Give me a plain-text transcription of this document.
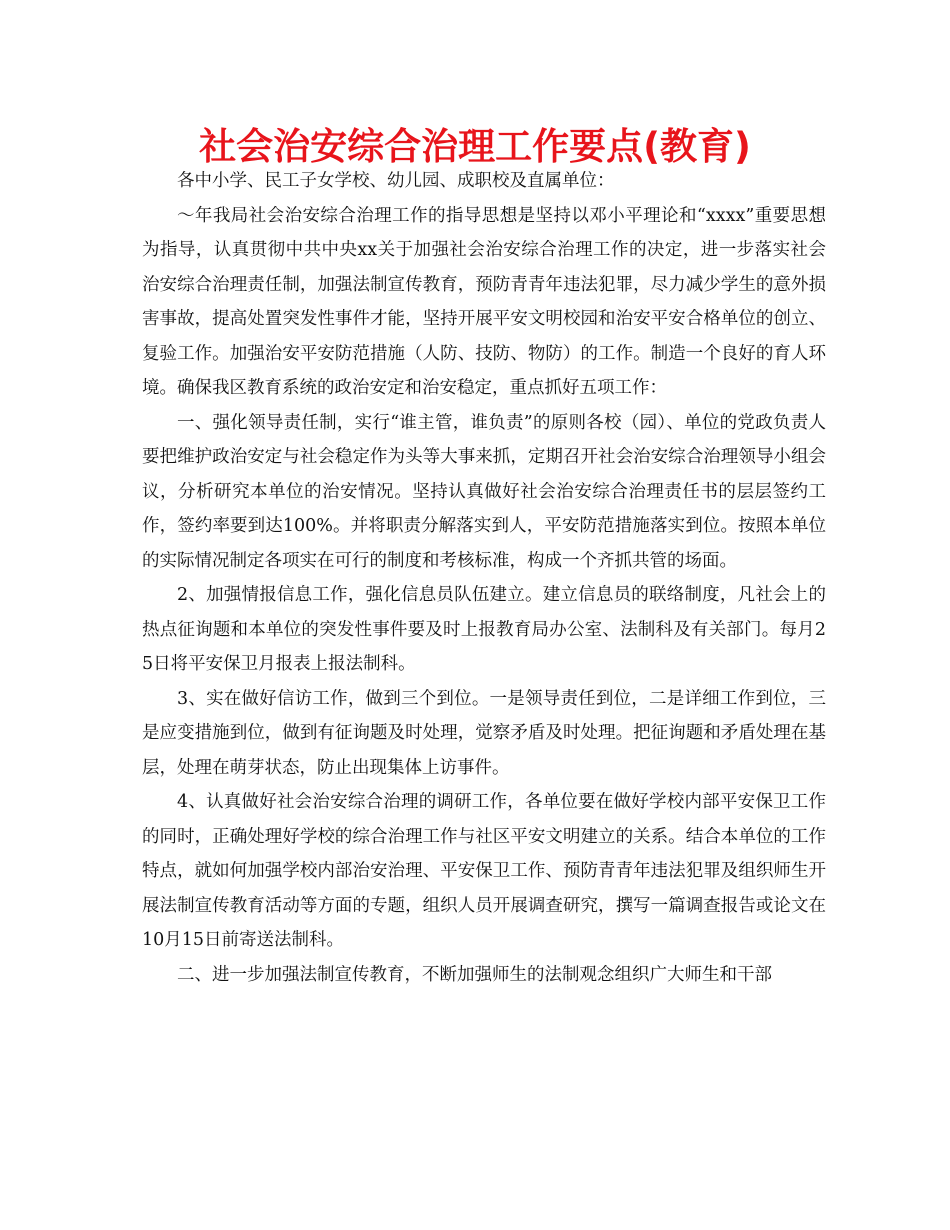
社会治安综合治理工作要点(教育)

各中小学、民工子女学校、幼儿园、成职校及直属单位：

～年我局社会治安综合治理工作的指导思想是坚持以邓小平理论和“xxxx”重要思想为指导，认真贯彻中共中央xx关于加强社会治安综合治理工作的决定，进一步落实社会治安综合治理责任制，加强法制宣传教育，预防青青年违法犯罪，尽力减少学生的意外损害事故，提高处置突发性事件才能，坚持开展平安文明校园和治安平安合格单位的创立、复验工作。加强治安平安防范措施（人防、技防、物防）的工作。制造一个良好的育人环境。确保我区教育系统的政治安定和治安稳定，重点抓好五项工作：

一、强化领导责任制，实行“谁主管，谁负责”的原则各校（园）、单位的党政负责人要把维护政治安定与社会稳定作为头等大事来抓，定期召开社会治安综合治理领导小组会议，分析研究本单位的治安情况。坚持认真做好社会治安综合治理责任书的层层签约工作，签约率要到达100%。并将职责分解落实到人，平安防范措施落实到位。按照本单位的实际情况制定各项实在可行的制度和考核标准，构成一个齐抓共管的场面。

2、加强情报信息工作，强化信息员队伍建立。建立信息员的联络制度，凡社会上的热点征询题和本单位的突发性事件要及时上报教育局办公室、法制科及有关部门。每月25日将平安保卫月报表上报法制科。

3、实在做好信访工作，做到三个到位。一是领导责任到位，二是详细工作到位，三是应变措施到位，做到有征询题及时处理，觉察矛盾及时处理。把征询题和矛盾处理在基层，处理在萌芽状态，防止出现集体上访事件。

4、认真做好社会治安综合治理的调研工作，各单位要在做好学校内部平安保卫工作的同时，正确处理好学校的综合治理工作与社区平安文明建立的关系。结合本单位的工作特点，就如何加强学校内部治安治理、平安保卫工作、预防青青年违法犯罪及组织师生开展法制宣传教育活动等方面的专题，组织人员开展调查研究，撰写一篇调查报告或论文在10月15日前寄送法制科。

二、进一步加强法制宣传教育，不断加强师生的法制观念组织广大师生和干部
